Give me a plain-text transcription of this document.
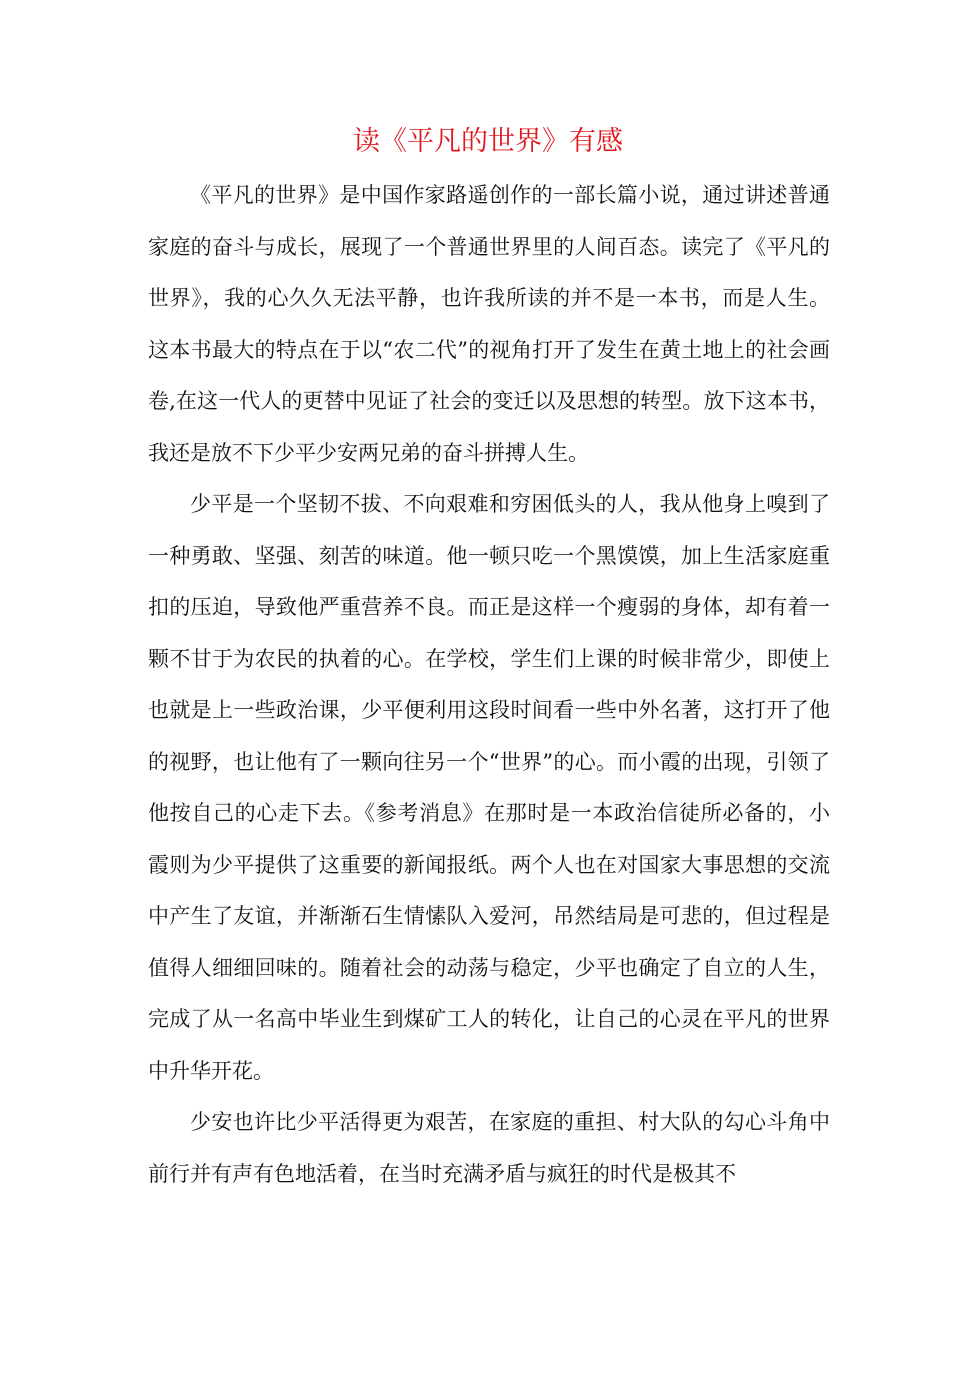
读《平凡的世界》有感

《平凡的世界》是中国作家路遥创作的一部长篇小说，通过讲述普通家庭的奋斗与成长，展现了一个普通世界里的人间百态。读完了《平凡的世界》，我的心久久无法平静，也许我所读的并不是一本书，而是人生。这本书最大的特点在于以“农二代”的视角打开了发生在黄土地上的社会画卷,在这一代人的更替中见证了社会的变迁以及思想的转型。放下这本书，我还是放不下少平少安两兄弟的奋斗拼搏人生。

少平是一个坚韧不拔、不向艰难和穷困低头的人，我从他身上嗅到了一种勇敢、坚强、刻苦的味道。他一顿只吃一个黑馍馍，加上生活家庭重扣的压迫，导致他严重营养不良。而正是这样一个瘦弱的身体，却有着一颗不甘于为农民的执着的心。在学校，学生们上课的时候非常少，即使上也就是上一些政治课，少平便利用这段时间看一些中外名著，这打开了他的视野，也让他有了一颗向往另一个“世界”的心。而小霞的出现，引领了他按自己的心走下去。《参考消息》在那时是一本政治信徒所必备的，小霞则为少平提供了这重要的新闻报纸。两个人也在对国家大事思想的交流中产生了友谊，并渐渐石生情愫队入爱河，吊然结局是可悲的，但过程是值得人细细回味的。随着社会的动荡与稳定，少平也确定了自立的人生，完成了从一名高中毕业生到煤矿工人的转化，让自己的心灵在平凡的世界中升华开花。

少安也许比少平活得更为艰苦，在家庭的重担、村大队的勾心斗角中前行并有声有色地活着，在当时充满矛盾与疯狂的时代是极其不
